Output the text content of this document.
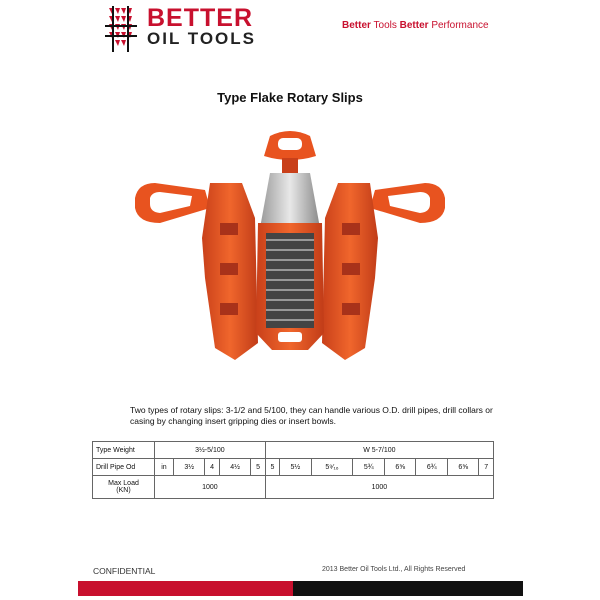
BETTER
OIL TOOLS
Better Tools Better Performance
Type Flake Rotary Slips
Two types of rotary slips: 3-1/2 and 5/100, they can handle various O.D. drill pipes, drill collars or casing by changing insert gripping dies or insert bowls.
Type Weight	3½-5/100					W 5-7/100							
Drill Pipe Od	in	3½	4	4½	5	5	5½	5⁹⁄₁₆	5¾	6⅝	6¾	6⅝	7

Max Load
(KN)	1000					1000							
CONFIDENTIAL	2013 Better Oil Tools Ltd., All Rights Reserved
